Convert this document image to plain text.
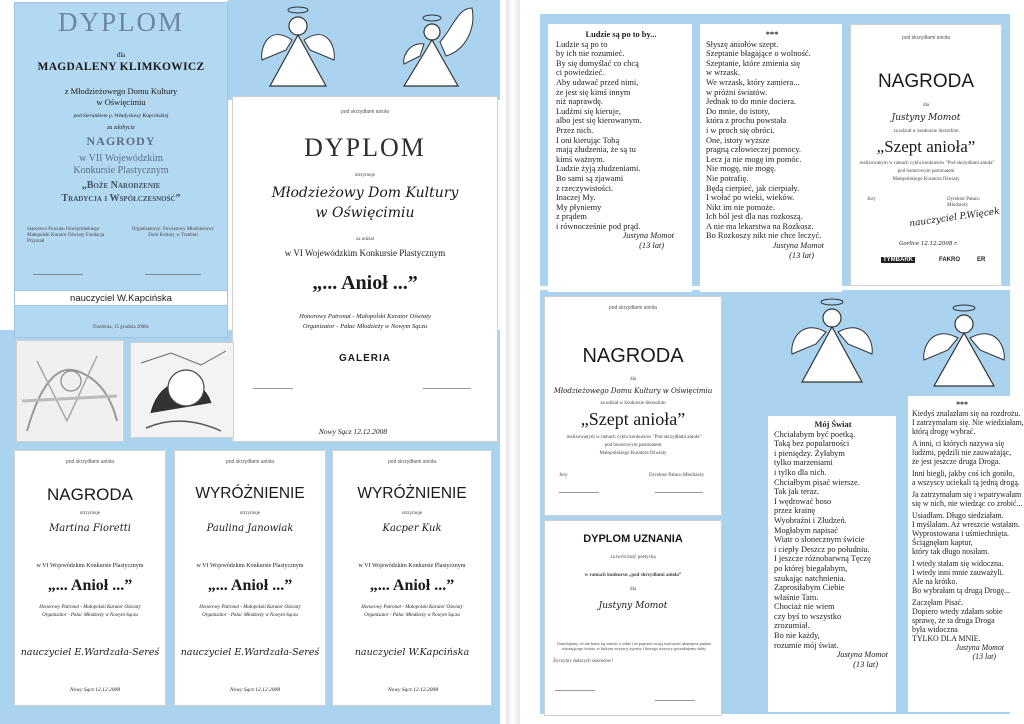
DYPLOM
dla
MAGDALENY KLIMKOWICZ
z Młodzieżowego Domu Kultury
w Oświęcimiu
pod kierunkiem p. Władysławy Kapcińskiej
za zdobycie
NAGRODY
w VII Wojewódzkim
Konkursie Plastycznym
„Boże Narodzenie
Tradycja i Współczesność”
Starostwo Powiatu Oświęcimskiego Małopolski Kurator Oświaty Fundacja Przystań
Organizatorzy: Powiatowy Młodzieżowy Dom Kultury w Trzebini
nauczyciel W.Kapcińska
Trzebinia, 15 grudnia 2008r.
pod skrzydłami anioła
DYPLOM
otrzymuje
Młodzieżowy Dom Kultury
w Oświęcimiu
za udział
w VI Wojewódzkim Konkursie Plastycznym
„... Anioł ...”
Honorowy Patronat - Małopolski Kurator Oświaty
Organizator - Pałac Młodzieży w Nowym Sączu
GALERIA
Nowy Sącz 12.12.2008
pod skrzydłami anioła
NAGRODA
otrzymuje
Martina Fioretti
w VI Wojewódzkim Konkursie Plastycznym
„... Anioł ...”
Honorowy Patronat - Małopolski Kurator Oświaty
Organizator - Pałac Młodzieży w Nowym Sączu
nauczyciel E.Wardzała-Sereś
Nowy Sącz 12.12.2008
pod skrzydłami anioła
WYRÓŻNIENIE
otrzymuje
Paulina Janowiak
w VI Wojewódzkim Konkursie Plastycznym
„... Anioł ...”
Honorowy Patronat - Małopolski Kurator Oświaty
Organizator - Pałac Młodzieży w Nowym Sączu
nauczyciel E.Wardzała-Sereś
Nowy Sącz 12.12.2008
pod skrzydłami anioła
WYRÓŻNIENIE
otrzymuje
Kacper Kuk
w VI Wojewódzkim Konkursie Plastycznym
„... Anioł ...”
Honorowy Patronat - Małopolski Kurator Oświaty
Organizator - Pałac Młodzieży w Nowym Sączu
nauczyciel W.Kapcińska
Nowy Sącz 12.12.2008
Ludzie są po to by...
Ludzie są po to
by ich nie rozumieć.
By się domyślać co chcą
ci powiedzieć.
Aby udawać przed nimi,
że jest się kimś innym
niż naprawdę.
Ludźmi się kieruje,
albo jest się kierowanym.
Przez nich.
I oni kierując Tobą
mają złudzenia, że są tu
kimś ważnym.
Ludzie żyją złudzeniami.
Bo sami są zjawami
z rzeczywistości.
Inaczej My.
My płyniemy
z prądem
i równocześnie pod prąd.
Justyna Momot
(13 lat)
***
Słyszę aniołów szept.
Szeptanie błagające o wolność.
Szeptanie, które zmienia się
w wrzask.
We wrzask, który zamiera...
w próżni światów.
Jednak to do mnie dociera.
Do mnie, do istoty,
która z prochu powstała
i w proch się obróci.
One, istoty wyższe
pragną człowieczej pomocy.
Lecz ja nie mogę im pomóc.
Nie mogę, nie mogę.
Nie potrafię.
Będą cierpieć, jak cierpiały.
I wołać po wieki, wieków.
Nikt im nie pomoże.
Ich ból jest dla nas rozkoszą.
A nie ma lekarstwa na Rozkosz.
Bo Rozkoszy nikt nie chce leczyć.
Justyna Momot
(13 lat)
pod skrzydłami anioła
NAGRODA
dla
Justyny Momot
za udział w konkursie literackim
„Szept anioła”
realizowanym w ramach cyklu konkursów "Pod skrzydłami anioła"
pod honorowym patronatem
Małopolskiego Kuratora Oświaty
Jury	Dyrektor Pałacu Młodzieży
nauczyciel P.Więcek
Gorlice 12.12.2008 r.
TYMBARK	FAKRO	ER
pod skrzydłami anioła
NAGRODA
dla
Młodzieżowego Domu Kultury w Oświęcimiu
za udział w konkursie literackim
„Szept anioła”
realizowanym w ramach cyklu konkursów "Pod skrzydłami anioła"
pod honorowym patronatem
Małopolskiego Kuratora Oświaty
Jury	Dyrektor Pałacu Młodzieży
DYPLOM UZNANIA
za twórczość poetycką
w ramach konkursu „pod skrzydłami anioła”
dla
Justyny Momot
Gratulujemy, że nie boisz się mówić o sobie i że poprzez swoją twórczość ukazujesz piękno otaczającego świata, w którym wszyscy żyjemy i którego wszyscy poszukujemy dalej.
Życzymy dalszych sukcesów!
Mój Świat
Chciałabym być poetką.
Taką bez popularności
i pieniędzy. Żyłabym
tylko marzeniami
i tylko dla nich.
Chciałbym pisać wiersze.
Tak jak teraz.
I wędrować boso
przez krainę
Wyobraźni i Złudzeń.
Mogłabym napisać
Wiatr o słonecznym świcie
i ciepły Deszcz po południu.
I jeszcze różnobarwną Tęczę
po której biegałabym,
szukając natchnienia.
Zaprosiłabym Ciebie
właśnie Tam.
Chociaż nie wiem
czy byś to wszystko
zrozumiał.
Bo nie każdy,
rozumie mój świat.
Justyna Momot
(13 lat)
***
Kiedyś znalazłam się na rozdrożu.
I zatrzymałam się. Nie wiedziałam,
którą drogę wybrać.

A inni, ci których nazywa się
ludźmi, pędzili nie zauważając,
że jest jeszcze druga Droga.

Inni biegli, jakby coś ich goniło,
a wszyscy uciekali tą jedną drogą.

Ja zatrzymałam się i wpatrywałam
się w nich, nie wiedząc co zrobić...

Usiadłam. Długo siedziałam.
I myślałam. Aż wreszcie wstałam.
Wyprostowana i uśmiechnięta.
Ściągnęłam kaptur,
który tak długo nosiłam.

I wtedy stałam się widoczna.
I wtedy inni mnie zauważyli.
Ale na krótko.
Bo wybrałam tą drugą Drogę...

Zaczęłam Pisać.
Dopiero wtedy zdałam sobie
sprawę, że ta druga Droga
była widoczna
TYLKO DLA MNIE.
Justyna Momot
(13 lat)
